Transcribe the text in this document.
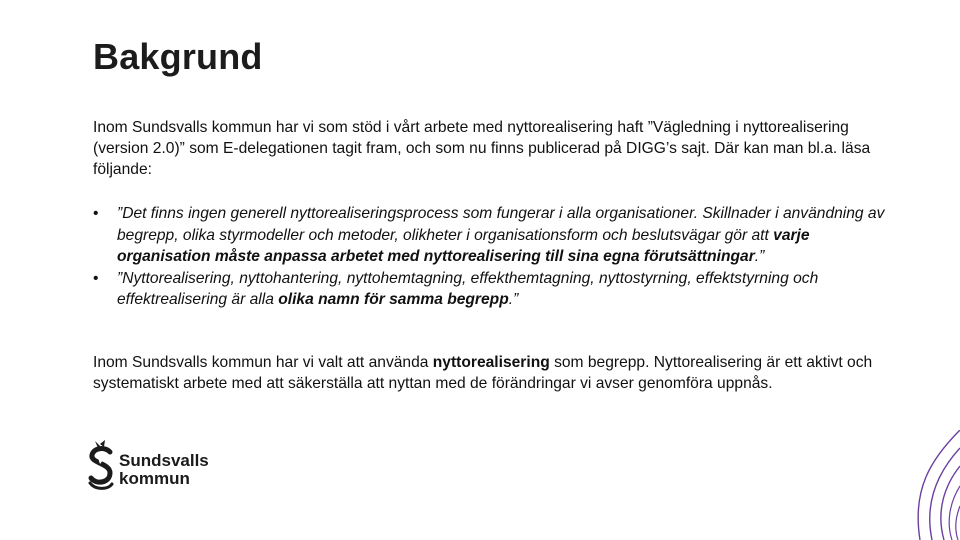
Bakgrund

Inom Sundsvalls kommun har vi som stöd i vårt arbete med nyttorealisering haft ”Vägledning i nyttorealisering (version 2.0)” som E-delegationen tagit fram, och som nu finns publicerad på DIGG’s sajt. Där kan man bl.a. läsa följande:

• ”Det finns ingen generell nyttorealiseringsprocess som fungerar i alla organisationer. Skillnader i användning av begrepp, olika styrmodeller och metoder, olikheter i organisationsform och beslutsvägar gör att varje organisation måste anpassa arbetet med nyttorealisering till sina egna förutsättningar.”
• ”Nyttorealisering, nyttohantering, nyttohemtagning, effekthemtagning, nyttostyrning, effektstyrning och effektrealisering är alla olika namn för samma begrepp.”

Inom Sundsvalls kommun har vi valt att använda nyttorealisering som begrepp. Nyttorealisering är ett aktivt och systematiskt arbete med att säkerställa att nyttan med de förändringar vi avser genomföra uppnås.

Sundsvalls
kommun
